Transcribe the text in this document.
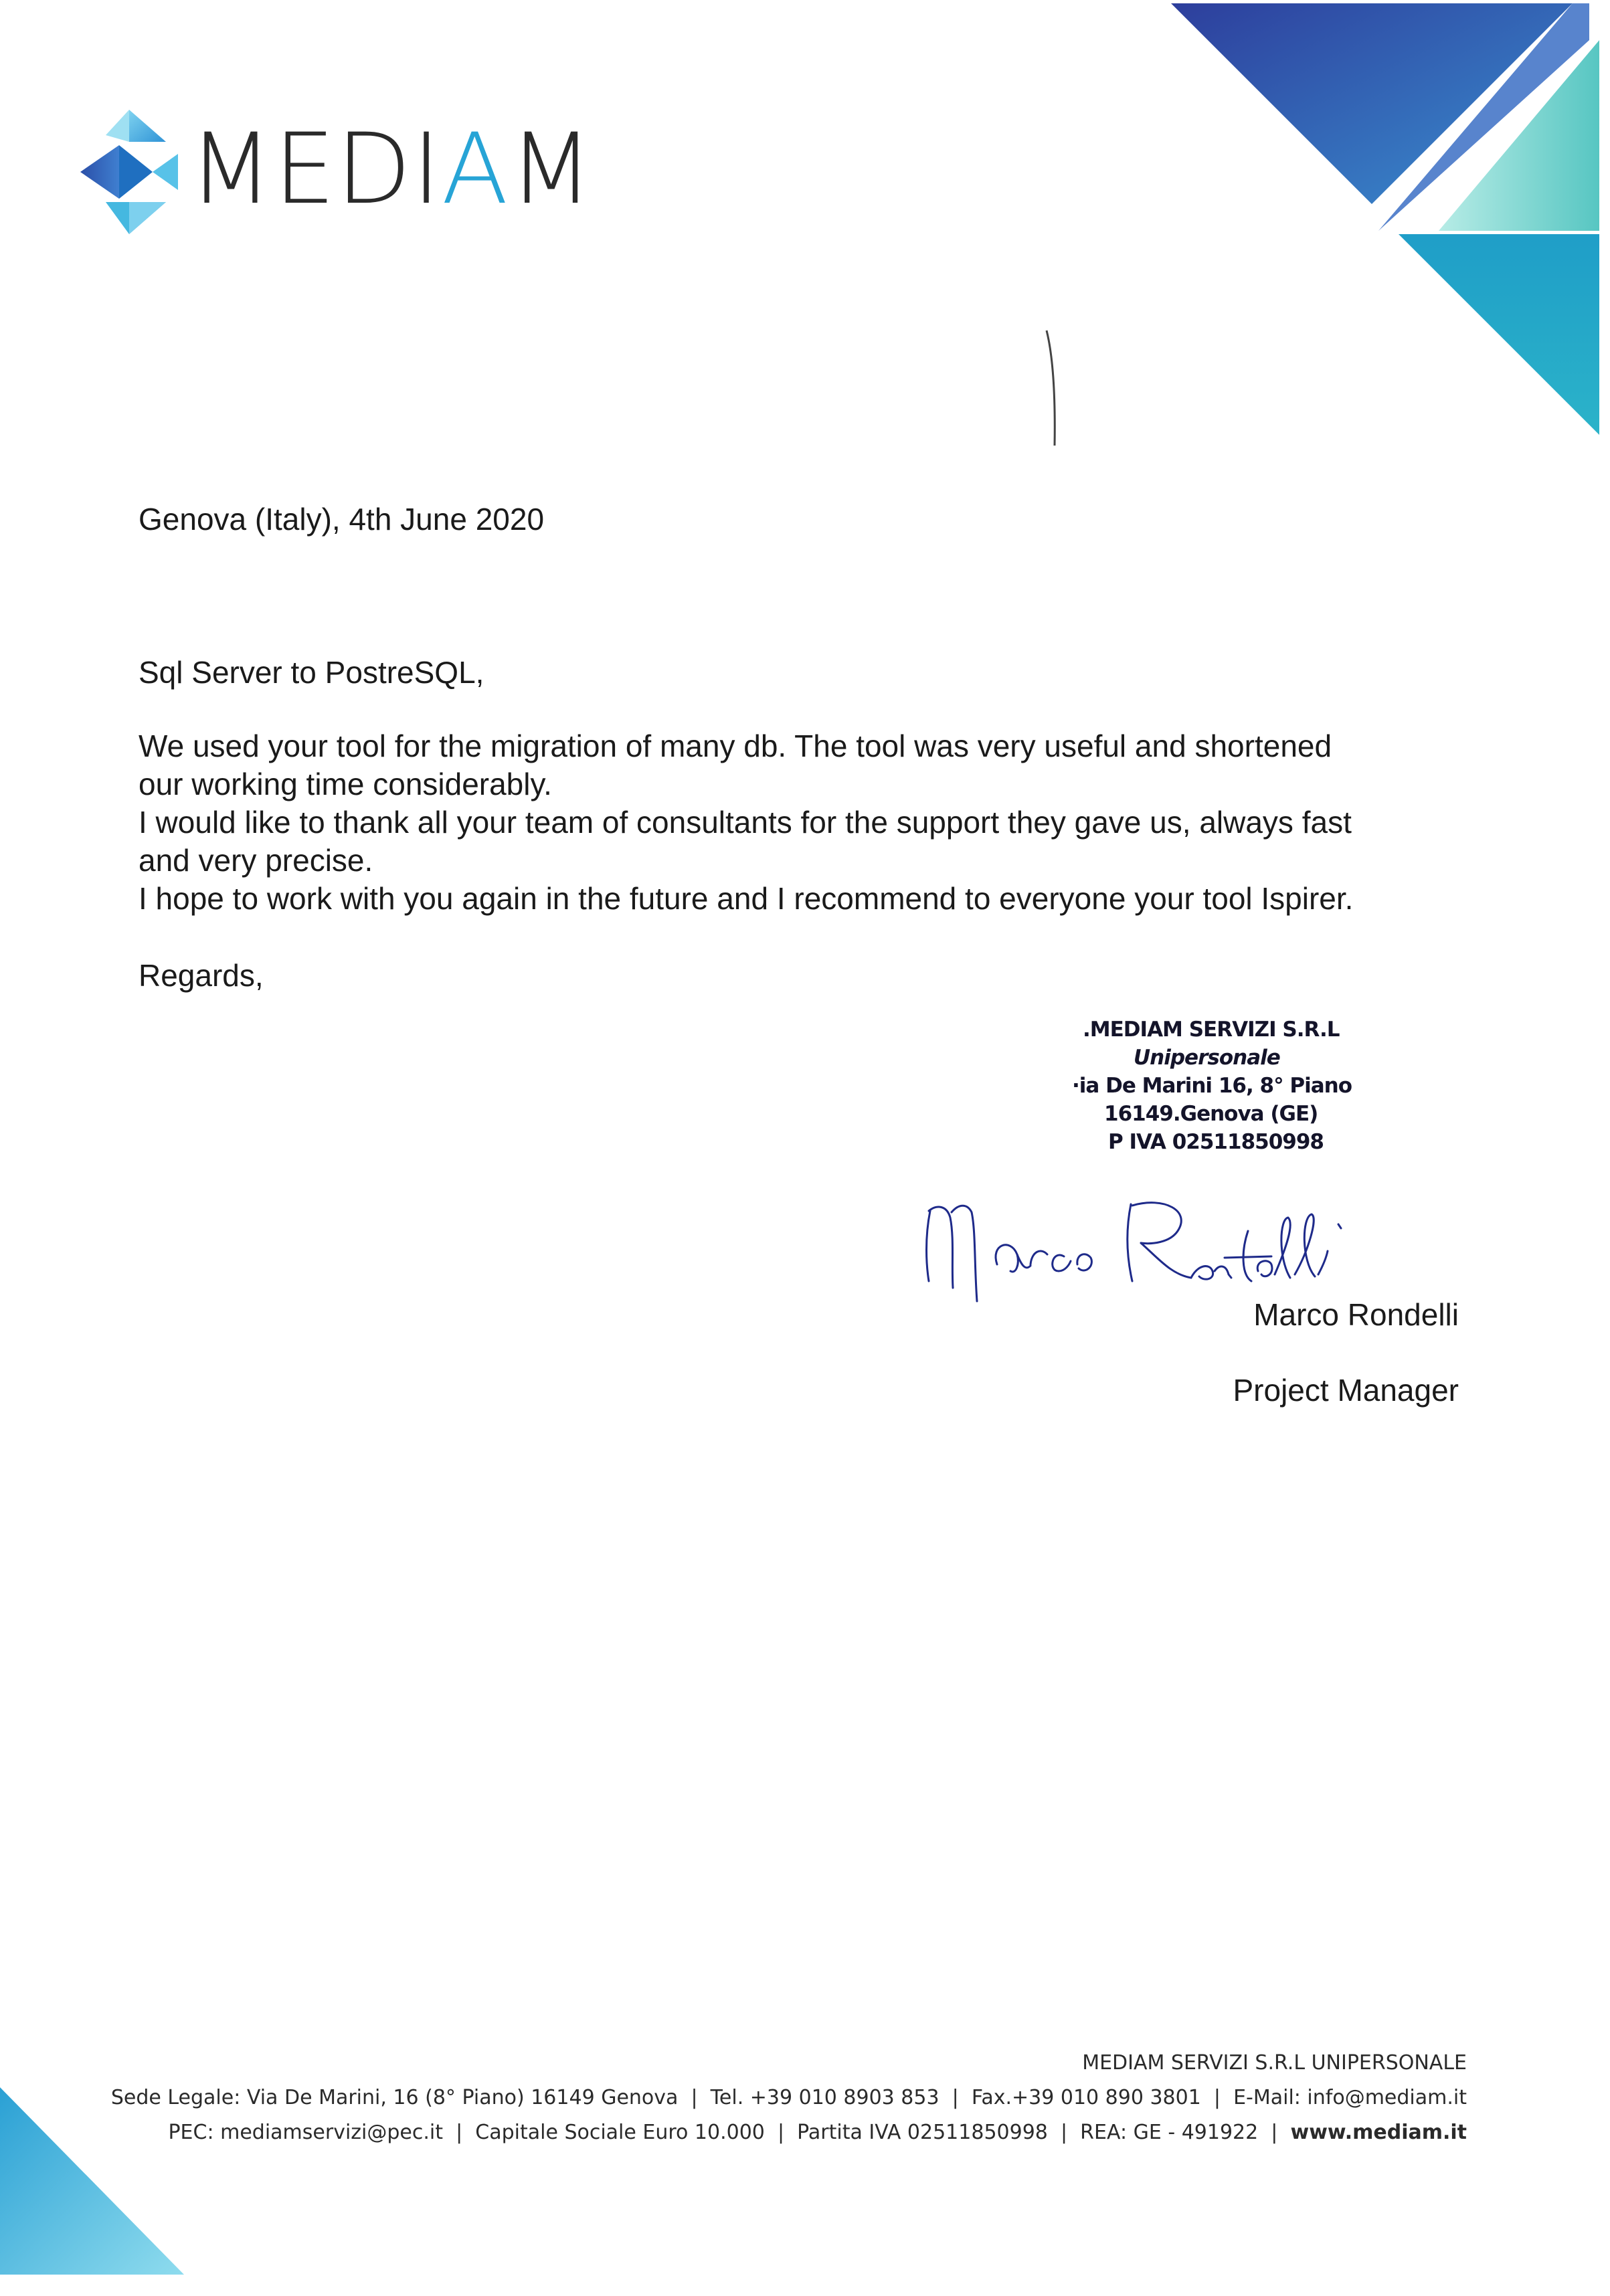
MEDIAM
Genova (Italy), 4th June 2020
Sql Server to PostreSQL,
We used your tool for the migration of many db. The tool was very useful and shortened
our working time considerably.
I would like to thank all your team of consultants for the support they gave us, always fast
and very precise.
I hope to work with you again in the future and I recommend to everyone your tool Ispirer.
Regards,
.MEDIAM SERVIZI S.R.L
Unipersonale
·ia De Marini 16, 8° Piano
16149.Genova (GE)
P IVA 02511850998
Marco Rondelli
Project Manager
MEDIAM SERVIZI S.R.L UNIPERSONALE
Sede Legale: Via De Marini, 16 (8° Piano) 16149 Genova | Tel. +39 010 8903 853 | Fax.+39 010 890 3801 | E-Mail: info@mediam.it
PEC: mediamservizi@pec.it | Capitale Sociale Euro 10.000 | Partita IVA 02511850998 | REA: GE - 491922 | www.mediam.it
